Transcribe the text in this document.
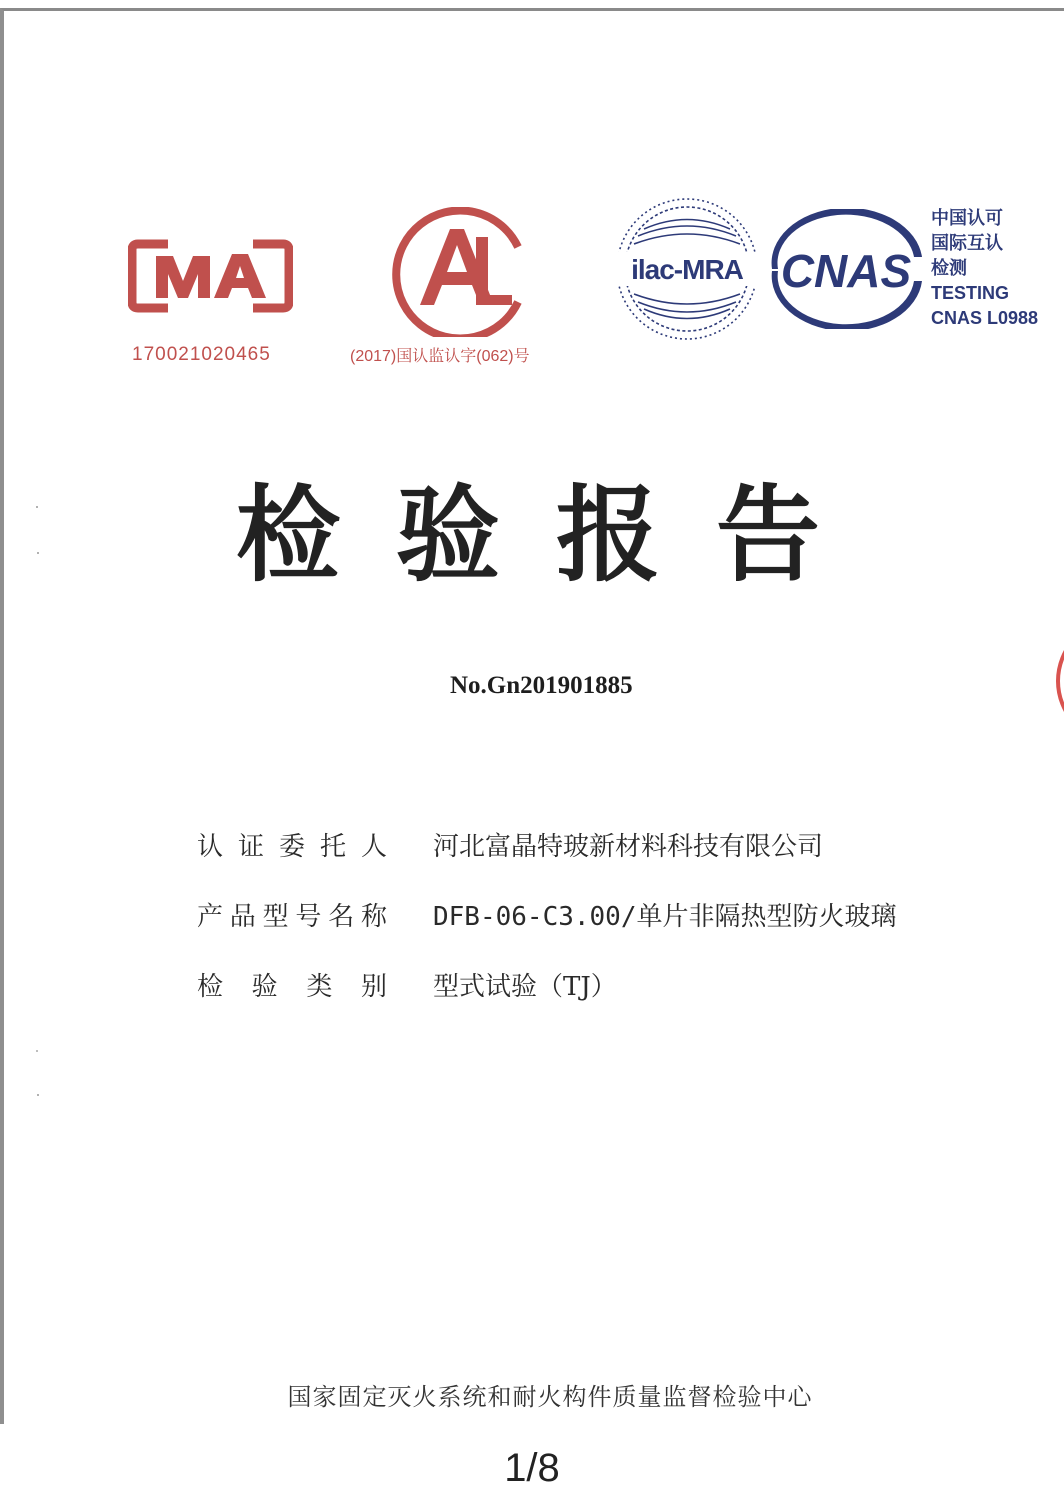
170021020465	(2017)国认监认字(062)号
ilac-MRA CNAS
中国认可
国际互认
检测
TESTING
CNAS L0988
检验报告
No.Gn201901885
认证委托人 河北富晶特玻新材料科技有限公司
产品型号名称 DFB-06-C3.00/单片非隔热型防火玻璃
检验类别 型式试验（TJ）
国家固定灭火系统和耐火构件质量监督检验中心
1/8
